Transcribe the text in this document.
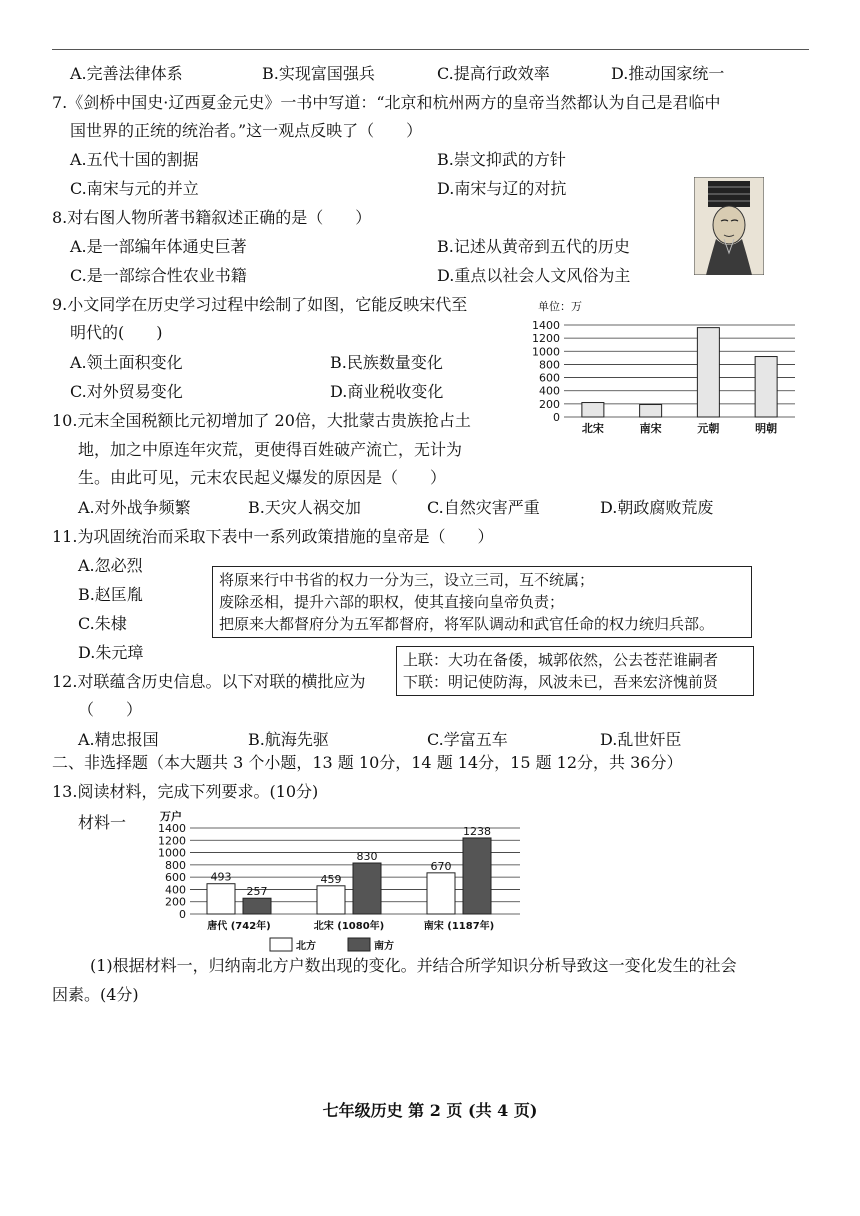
A.完善法律体系	B.实现富国强兵	C.提高行政效率	D.推动国家统一
7.《剑桥中国史·辽西夏金元史》一书中写道：“北京和杭州两方的皇帝当然都认为自己是君临中
国世界的正统的统治者。”这一观点反映了（　　）
A.五代十国的割据	B.崇文抑武的方针
C.南宋与元的并立	D.南宋与辽的对抗
8.对右图人物所著书籍叙述正确的是（　　）
A.是一部编年体通史巨著	B.记述从黄帝到五代的历史
C.是一部综合性农业书籍	D.重点以社会人文风俗为主
9.小文同学在历史学习过程中绘制了如图，它能反映宋代至
明代的(　　)
A.领土面积变化	B.民族数量变化
C.对外贸易变化	D.商业税收变化
单位：万
0
200
400
600
800
1000
1200
1400
北宋	南宋	元朝	明朝
10.元末全国税额比元初增加了 20倍，大批蒙古贵族抢占土
地，加之中原连年灾荒，更使得百姓破产流亡，无计为
生。由此可见，元末农民起义爆发的原因是（　　）
A.对外战争频繁	B.天灾人祸交加	C.自然灾害严重	D.朝政腐败荒废
11.为巩固统治而采取下表中一系列政策措施的皇帝是（　　）
A.忽必烈
B.赵匡胤
C.朱棣
D.朱元璋
将原来行中书省的权力一分为三，设立三司，互不统属；
废除丞相，提升六部的职权，使其直接向皇帝负责；
把原来大都督府分为五军都督府，将军队调动和武官任命的权力统归兵部。
12.对联蕴含历史信息。以下对联的横批应为
（　　）
上联：大功在备倭，城郭依然，公去苍茫谁嗣者
下联：明记使防海，风波未已，吾来宏济愧前贤
A.精忠报国	B.航海先驱	C.学富五车	D.乱世奸臣
二、非选择题（本大题共 3 个小题，13 题 10分，14 题 14分，15 题 12分，共 36分）
13.阅读材料，完成下列要求。(10分)
材料一	万户
0
200
400
600
800
1000
1200
1400
493
257
459
830
670
1238
唐代 (742年)	北宋 (1080年)	南宋 (1187年)
北方	南方
(1)根据材料一，归纳南北方户数出现的变化。并结合所学知识分析导致这一变化发生的社会
因素。(4分)
七年级历史 第 2 页 (共 4 页)
